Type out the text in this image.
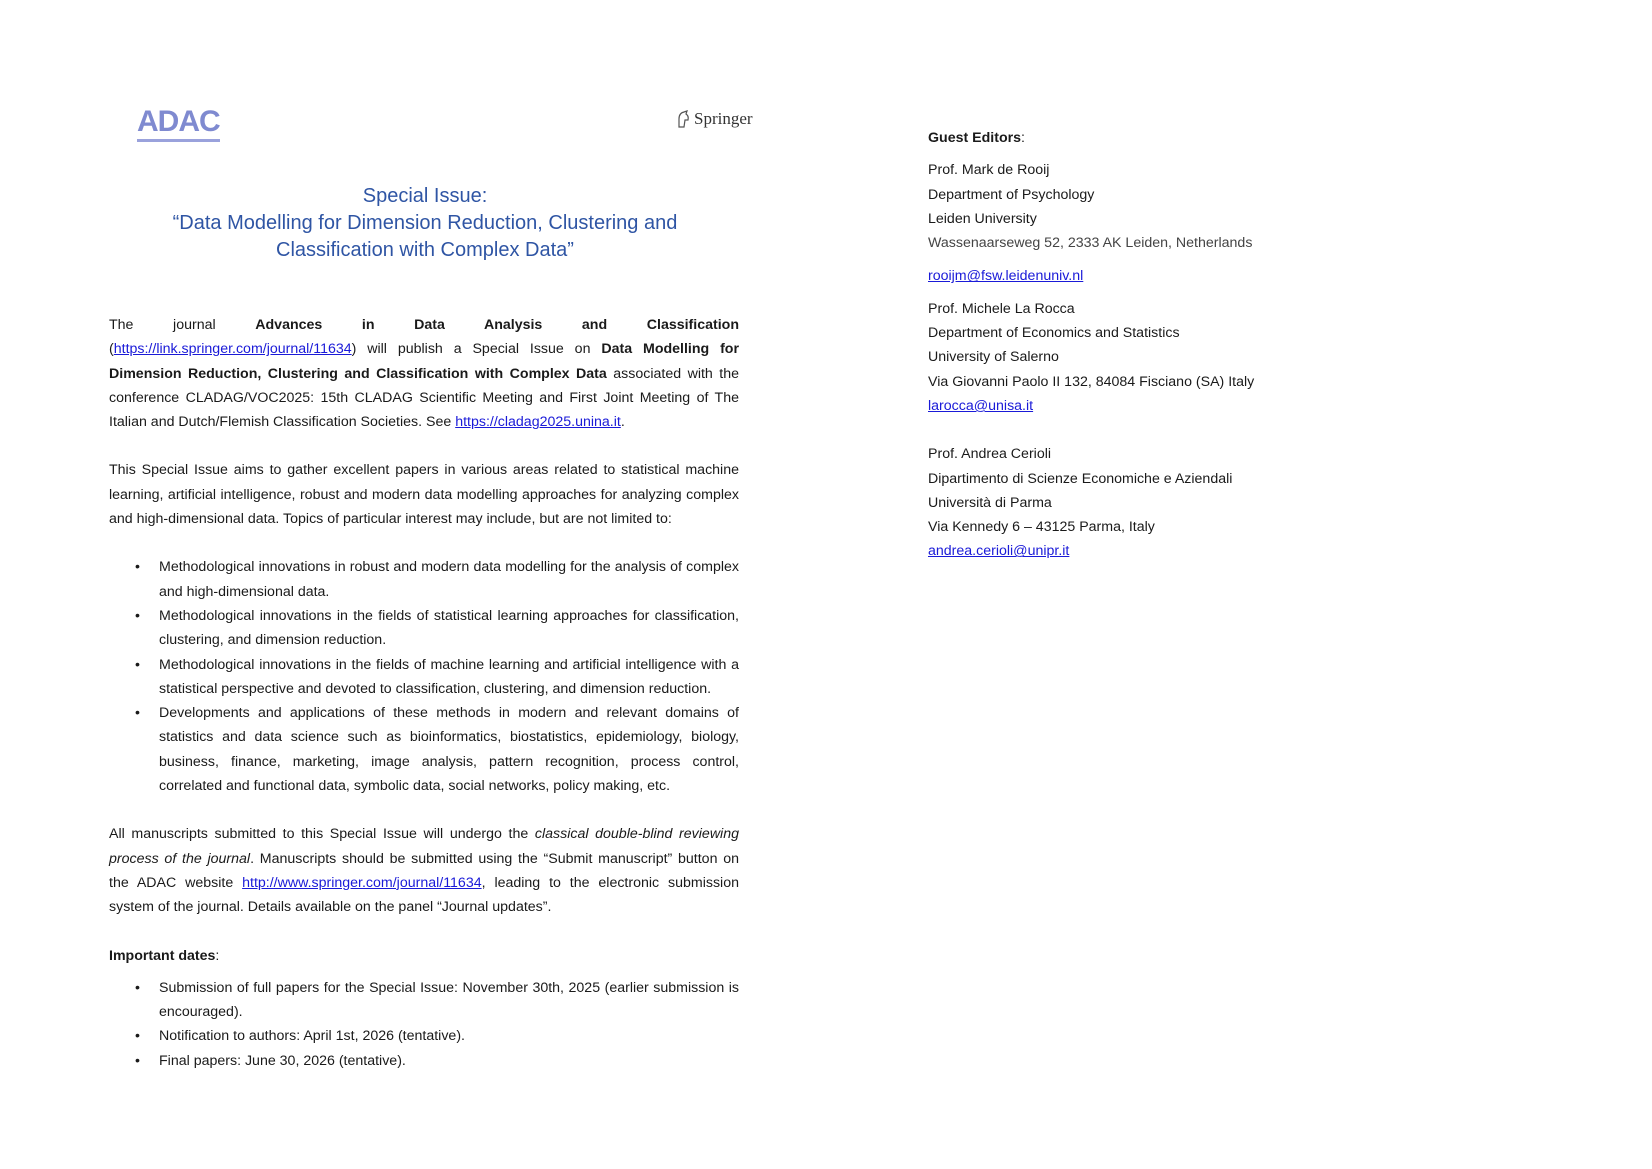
ADAC	Springer
Special Issue:
“Data Modelling for Dimension Reduction, Clustering and
Classification with Complex Data”

The journal Advances in Data Analysis and Classification (https://link.springer.com/journal/11634) will publish a Special Issue on Data Modelling for Dimension Reduction, Clustering and Classification with Complex Data associated with the conference CLADAG/VOC2025: 15th CLADAG Scientific Meeting and First Joint Meeting of The Italian and Dutch/Flemish Classification Societies. See https://cladag2025.unina.it.

This Special Issue aims to gather excellent papers in various areas related to statistical machine learning, artificial intelligence, robust and modern data modelling approaches for analyzing complex and high-dimensional data. Topics of particular interest may include, but are not limited to:

• Methodological innovations in robust and modern data modelling for the analysis of complex and high-dimensional data.
• Methodological innovations in the fields of statistical learning approaches for classification, clustering, and dimension reduction.
• Methodological innovations in the fields of machine learning and artificial intelligence with a statistical perspective and devoted to classification, clustering, and dimension reduction.
• Developments and applications of these methods in modern and relevant domains of statistics and data science such as bioinformatics, biostatistics, epidemiology, biology, business, finance, marketing, image analysis, pattern recognition, process control, correlated and functional data, symbolic data, social networks, policy making, etc.

All manuscripts submitted to this Special Issue will undergo the classical double-blind reviewing process of the journal. Manuscripts should be submitted using the “Submit manuscript” button on the ADAC website http://www.springer.com/journal/11634, leading to the electronic submission system of the journal. Details available on the panel “Journal updates”.

Important dates:

• Submission of full papers for the Special Issue: November 30th, 2025 (earlier submission is encouraged).
• Notification to authors: April 1st, 2026 (tentative).
• Final papers: June 30, 2026 (tentative).

Guest Editors:

Prof. Mark de Rooij

Department of Psychology

Leiden University

Wassenaarseweg 52, 2333 AK Leiden, Netherlands

rooijm@fsw.leidenuniv.nl

Prof. Michele La Rocca

Department of Economics and Statistics

University of Salerno

Via Giovanni Paolo II 132, 84084 Fisciano (SA) Italy

larocca@unisa.it

Prof. Andrea Cerioli

Dipartimento di Scienze Economiche e Aziendali

Università di Parma

Via Kennedy 6 – 43125 Parma, Italy

andrea.cerioli@unipr.it
